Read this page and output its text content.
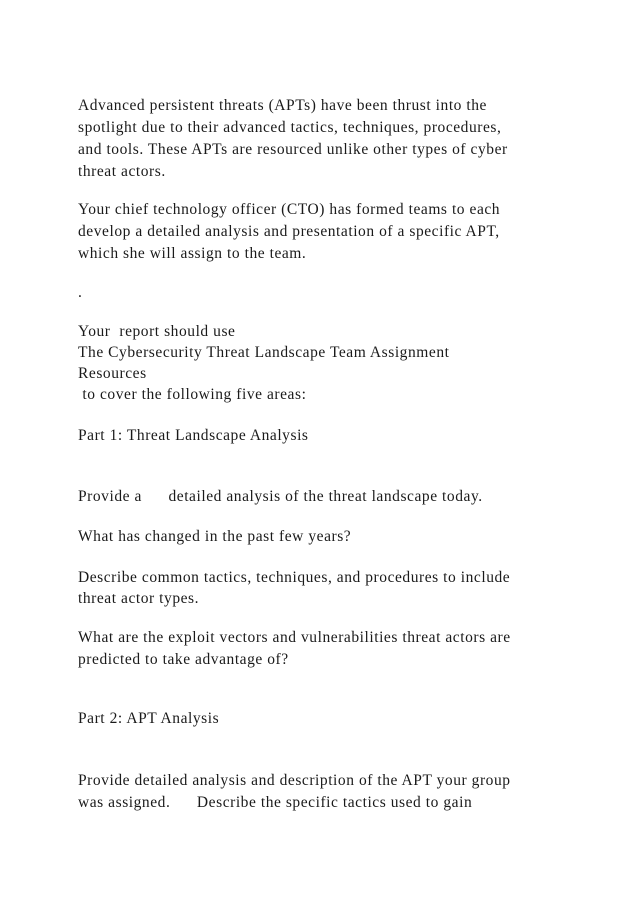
Advanced persistent threats (APTs) have been thrust into the
spotlight due to their advanced tactics, techniques, procedures,
and tools. These APTs are resourced unlike other types of cyber
threat actors.
Your chief technology officer (CTO) has formed teams to each
develop a detailed analysis and presentation of a specific APT,
which she will assign to the team.
.
Your  report should use
The Cybersecurity Threat Landscape Team Assignment
Resources
to cover the following five areas:
Part 1: Threat Landscape Analysis
Provide a      detailed analysis of the threat landscape today.
What has changed in the past few years?
Describe common tactics, techniques, and procedures to include
threat actor types.
What are the exploit vectors and vulnerabilities threat actors are
predicted to take advantage of?
Part 2: APT Analysis
Provide detailed analysis and description of the APT your group
was assigned.      Describe the specific tactics used to gain
